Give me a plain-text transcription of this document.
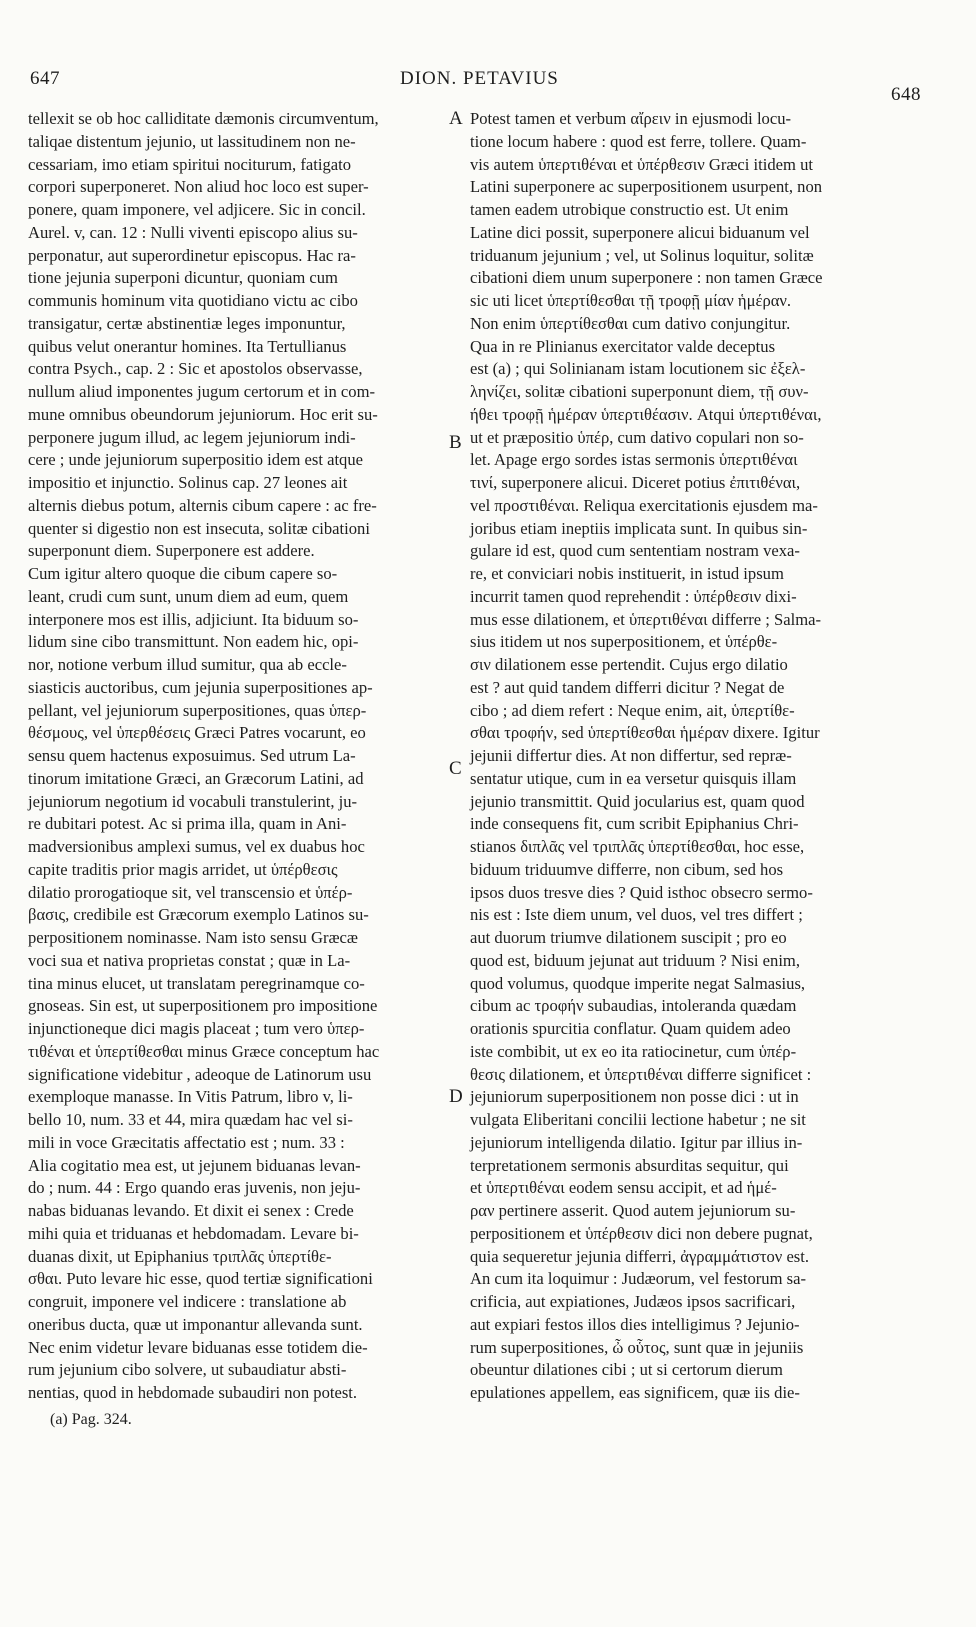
647	DION. PETAVIUS
648
A
B
C
D
tellexit se ob hoc calliditate dæmonis circumventum,
taliqae distentum jejunio, ut lassitudinem non ne-
cessariam, imo etiam spiritui nociturum, fatigato
corpori superponeret. Non aliud hoc loco est super-
ponere, quam imponere, vel adjicere. Sic in concil.
Aurel. v, can. 12 : Nulli viventi episcopo alius su-
perponatur, aut superordinetur episcopus. Hac ra-
tione jejunia superponi dicuntur, quoniam cum
communis hominum vita quotidiano victu ac cibo
transigatur, certæ abstinentiæ leges imponuntur,
quibus velut onerantur homines. Ita Tertullianus
contra Psych., cap. 2 : Sic et apostolos observasse,
nullum aliud imponentes jugum certorum et in com-
mune omnibus obeundorum jejuniorum. Hoc erit su-
perponere jugum illud, ac legem jejuniorum indi-
cere ; unde jejuniorum superpositio idem est atque
impositio et injunctio. Solinus cap. 27 leones ait
alternis diebus potum, alternis cibum capere : ac fre-
quenter si digestio non est insecuta, solitæ cibationi
superponunt diem. Superponere est addere.
Cum igitur altero quoque die cibum capere so-
leant, crudi cum sunt, unum diem ad eum, quem
interponere mos est illis, adjiciunt. Ita biduum so-
lidum sine cibo transmittunt. Non eadem hic, opi-
nor, notione verbum illud sumitur, qua ab eccle-
siasticis auctoribus, cum jejunia superpositiones ap-
pellant, vel jejuniorum superpositiones, quas ὑπερ-
θέσμους, vel ὑπερθέσεις Græci Patres vocarunt, eo
sensu quem hactenus exposuimus. Sed utrum La-
tinorum imitatione Græci, an Græcorum Latini, ad
jejuniorum negotium id vocabuli transtulerint, ju-
re dubitari potest. Ac si prima illa, quam in Ani-
madversionibus amplexi sumus, vel ex duabus hoc
capite traditis prior magis arridet, ut ὑπέρθεσις
dilatio prorogatioque sit, vel transcensio et ὑπέρ-
βασις, credibile est Græcorum exemplo Latinos su-
perpositionem nominasse. Nam isto sensu Græcæ
voci sua et nativa proprietas constat ; quæ in La-
tina minus elucet, ut translatam peregrinamque co-
gnoseas. Sin est, ut superpositionem pro impositione
injunctioneque dici magis placeat ; tum vero ὑπερ-
τιθέναι et ὑπερτίθεσθαι minus Græce conceptum hac
significatione videbitur , adeoque de Latinorum usu
exemploque manasse. In Vitis Patrum, libro v, li-
bello 10, num. 33 et 44, mira quædam hac vel si-
mili in voce Græcitatis affectatio est ; num. 33 :
Alia cogitatio mea est, ut jejunem biduanas levan-
do ; num. 44 : Ergo quando eras juvenis, non jeju-
nabas biduanas levando. Et dixit ei senex : Crede
mihi quia et triduanas et hebdomadam. Levare bi-
duanas dixit, ut Epiphanius τριπλᾶς ὑπερτίθε-
σθαι. Puto levare hic esse, quod tertiæ significationi
congruit, imponere vel indicere : translatione ab
oneribus ducta, quæ ut imponantur allevanda sunt.
Nec enim videtur levare biduanas esse totidem die-
rum jejunium cibo solvere, ut subaudiatur absti-
nentias, quod in hebdomade subaudiri non potest.
Potest tamen et verbum αἴρειν in ejusmodi locu-
tione locum habere : quod est ferre, tollere. Quam-
vis autem ὑπερτιθέναι et ὑπέρθεσιν Græci itidem ut
Latini superponere ac superpositionem usurpent, non
tamen eadem utrobique constructio est. Ut enim
Latine dici possit, superponere alicui biduanum vel
triduanum jejunium ; vel, ut Solinus loquitur, solitæ
cibationi diem unum superponere : non tamen Græce
sic uti licet ὑπερτίθεσθαι τῇ τροφῇ μίαν ἡμέραν.
Non enim ὑπερτίθεσθαι cum dativo conjungitur.
Qua in re Plinianus exercitator valde deceptus
est (a) ; qui Solinianam istam locutionem sic ἐξελ-
ληνίζει, solitæ cibationi superponunt diem, τῇ συν-
ήθει τροφῇ ἡμέραν ὑπερτιθέασιν. Atqui ὑπερτιθέναι,
ut et præpositio ὑπέρ, cum dativo copulari non so-
let. Apage ergo sordes istas sermonis ὑπερτιθέναι
τινί, superponere alicui. Diceret potius ἐπιτιθέναι,
vel προστιθέναι. Reliqua exercitationis ejusdem ma-
joribus etiam ineptiis implicata sunt. In quibus sin-
gulare id est, quod cum sententiam nostram vexa-
re, et conviciari nobis instituerit, in istud ipsum
incurrit tamen quod reprehendit : ὑπέρθεσιν dixi-
mus esse dilationem, et ὑπερτιθέναι differre ; Salma-
sius itidem ut nos superpositionem, et ὑπέρθε-
σιν dilationem esse pertendit. Cujus ergo dilatio
est ? aut quid tandem differri dicitur ? Negat de
cibo ; ad diem refert : Neque enim, ait, ὑπερτίθε-
σθαι τροφήν, sed ὑπερτίθεσθαι ἡμέραν dixere. Igitur
jejunii differtur dies. At non differtur, sed repræ-
sentatur utique, cum in ea versetur quisquis illam
jejunio transmittit. Quid jocularius est, quam quod
inde consequens fit, cum scribit Epiphanius Chri-
stianos διπλᾶς vel τριπλᾶς ὑπερτίθεσθαι, hoc esse,
biduum triduumve differre, non cibum, sed hos
ipsos duos tresve dies ? Quid isthoc obsecro sermo-
nis est : Iste diem unum, vel duos, vel tres differt ;
aut duorum triumve dilationem suscipit ; pro eo
quod est, biduum jejunat aut triduum ? Nisi enim,
quod volumus, quodque imperite negat Salmasius,
cibum ac τροφήν subaudias, intoleranda quædam
orationis spurcitia conflatur. Quam quidem adeo
iste combibit, ut ex eo ita ratiocinetur, cum ὑπέρ-
θεσις dilationem, et ὑπερτιθέναι differre significet :
jejuniorum superpositionem non posse dici : ut in
vulgata Eliberitani concilii lectione habetur ; ne sit
jejuniorum intelligenda dilatio. Igitur par illius in-
terpretationem sermonis absurditas sequitur, qui
et ὑπερτιθέναι eodem sensu accipit, et ad ἡμέ-
ραν pertinere asserit. Quod autem jejuniorum su-
perpositionem et ὑπέρθεσιν dici non debere pugnat,
quia sequeretur jejunia differri, ἀγραμμάτιστον est.
An cum ita loquimur : Judæorum, vel festorum sa-
crificia, aut expiationes, Judæos ipsos sacrificari,
aut expiari festos illos dies intelligimus ? Jejunio-
rum superpositiones, ὦ οὗτος, sunt quæ in jejuniis
obeuntur dilationes cibi ; ut si certorum dierum
epulationes appellem, eas significem, quæ iis die-
(a) Pag. 324.
